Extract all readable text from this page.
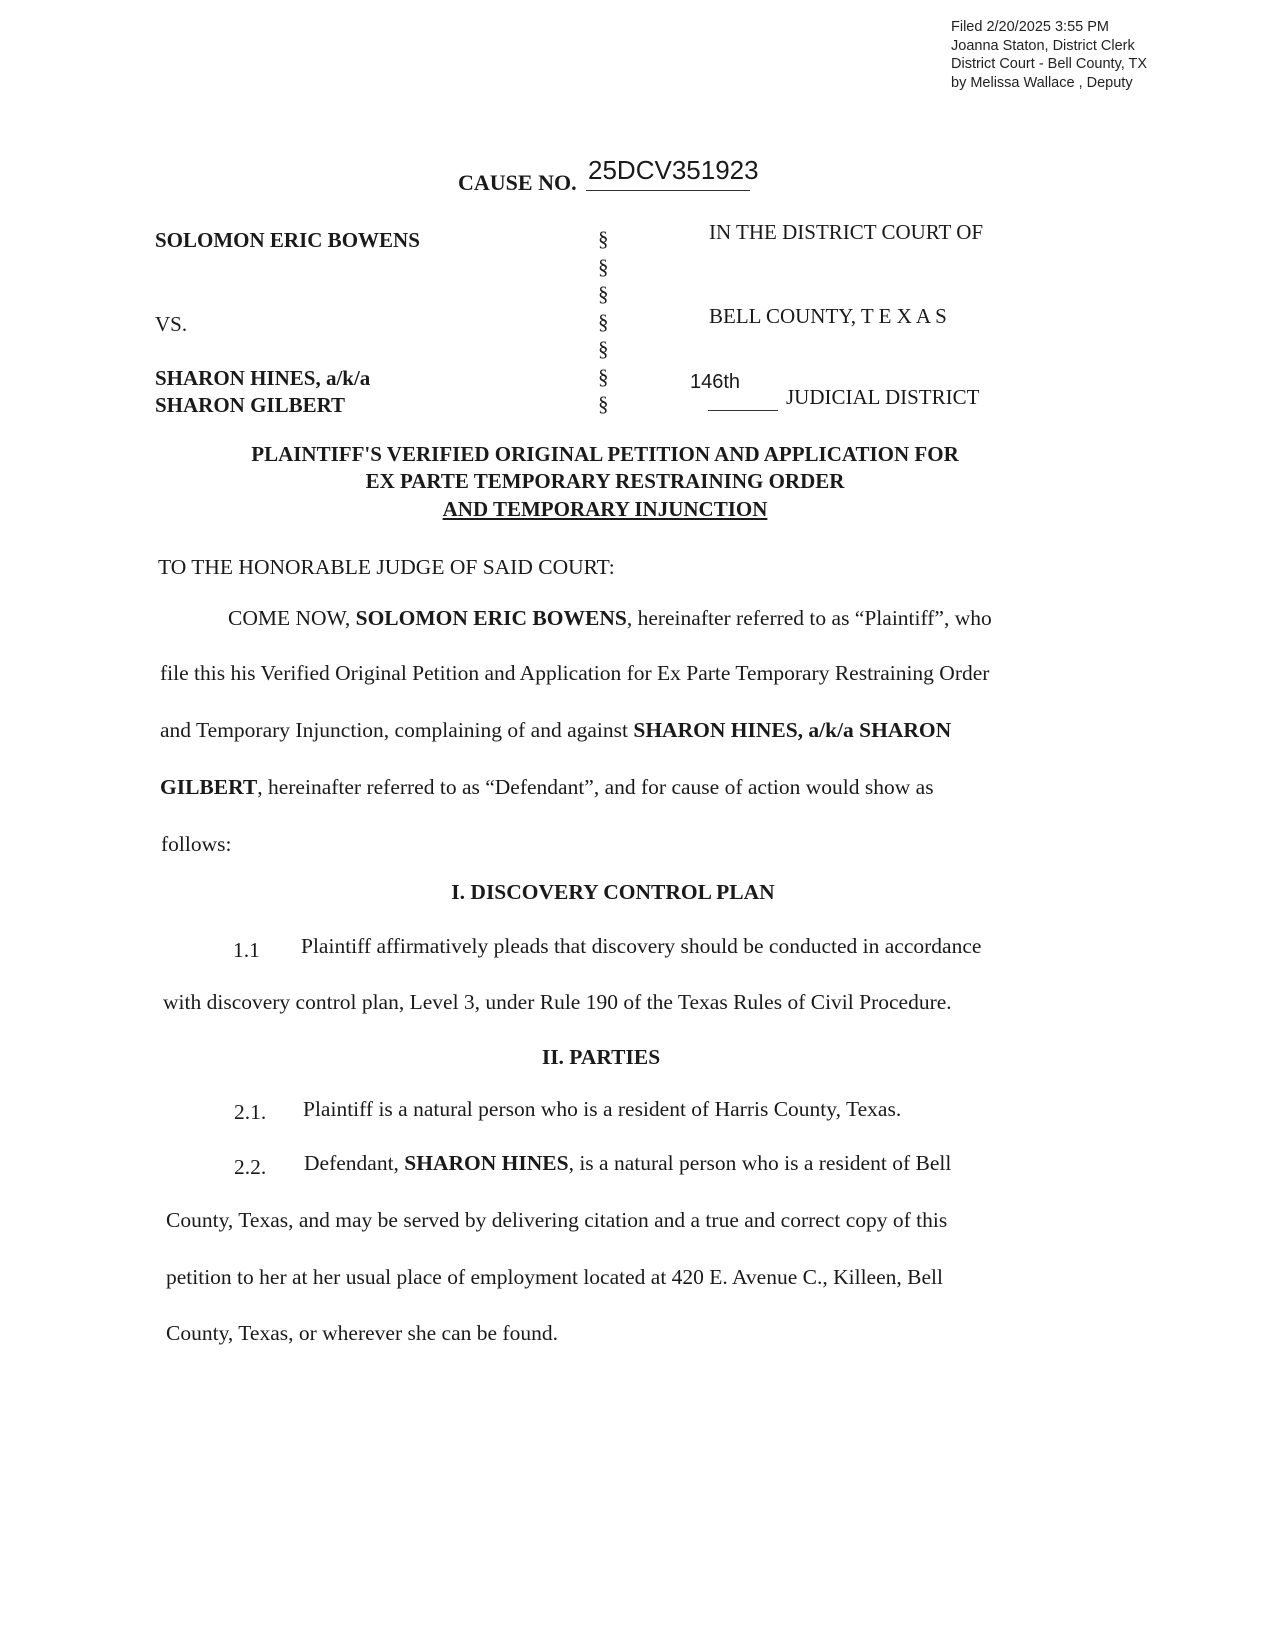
Filed 2/20/2025 3:55 PM
Joanna Staton, District Clerk
District Court - Bell County, TX
by Melissa Wallace , Deputy
CAUSE NO. 25DCV351923
SOLOMON ERIC BOWENS
VS.
SHARON HINES, a/k/a
SHARON GILBERT
§
§
§
§
§
§
§
IN THE DISTRICT COURT OF
BELL COUNTY, T E X A S
146th
JUDICIAL DISTRICT
PLAINTIFF'S VERIFIED ORIGINAL PETITION AND APPLICATION FOR
EX PARTE TEMPORARY RESTRAINING ORDER
AND TEMPORARY INJUNCTION
TO THE HONORABLE JUDGE OF SAID COURT:
COME NOW, SOLOMON ERIC BOWENS, hereinafter referred to as “Plaintiff”, who
file this his Verified Original Petition and Application for Ex Parte Temporary Restraining Order
and Temporary Injunction, complaining of and against SHARON HINES, a/k/a SHARON
GILBERT, hereinafter referred to as “Defendant”, and for cause of action would show as
follows:
I. DISCOVERY CONTROL PLAN
1.1 Plaintiff affirmatively pleads that discovery should be conducted in accordance
with discovery control plan, Level 3, under Rule 190 of the Texas Rules of Civil Procedure.
II. PARTIES
2.1. Plaintiff is a natural person who is a resident of Harris County, Texas.
2.2. Defendant, SHARON HINES, is a natural person who is a resident of Bell
County, Texas, and may be served by delivering citation and a true and correct copy of this
petition to her at her usual place of employment located at 420 E. Avenue C., Killeen, Bell
County, Texas, or wherever she can be found.
